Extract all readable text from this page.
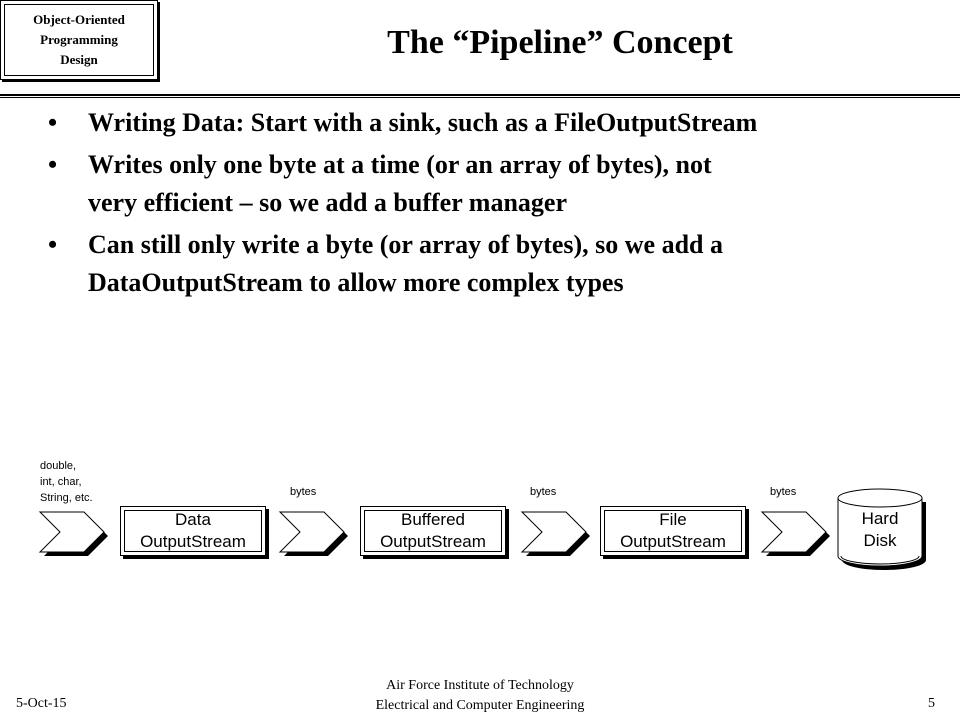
Object-Oriented
Programming
Design	The “Pipeline” Concept
• Writing Data: Start with a sink, such as a FileOutputStream
• Writes only one byte at a time (or an array of bytes), not
very efficient – so we add a buffer manager
• Can still only write a byte (or array of bytes), so we add a
DataOutputStream to allow more complex types
double,
int, char,
String, etc.
Data
OutputStream
bytes
Buffered
OutputStream
bytes
File
OutputStream
bytes
Hard
Disk
5-Oct-15
Air Force Institute of Technology
Electrical and Computer Engineering	5
